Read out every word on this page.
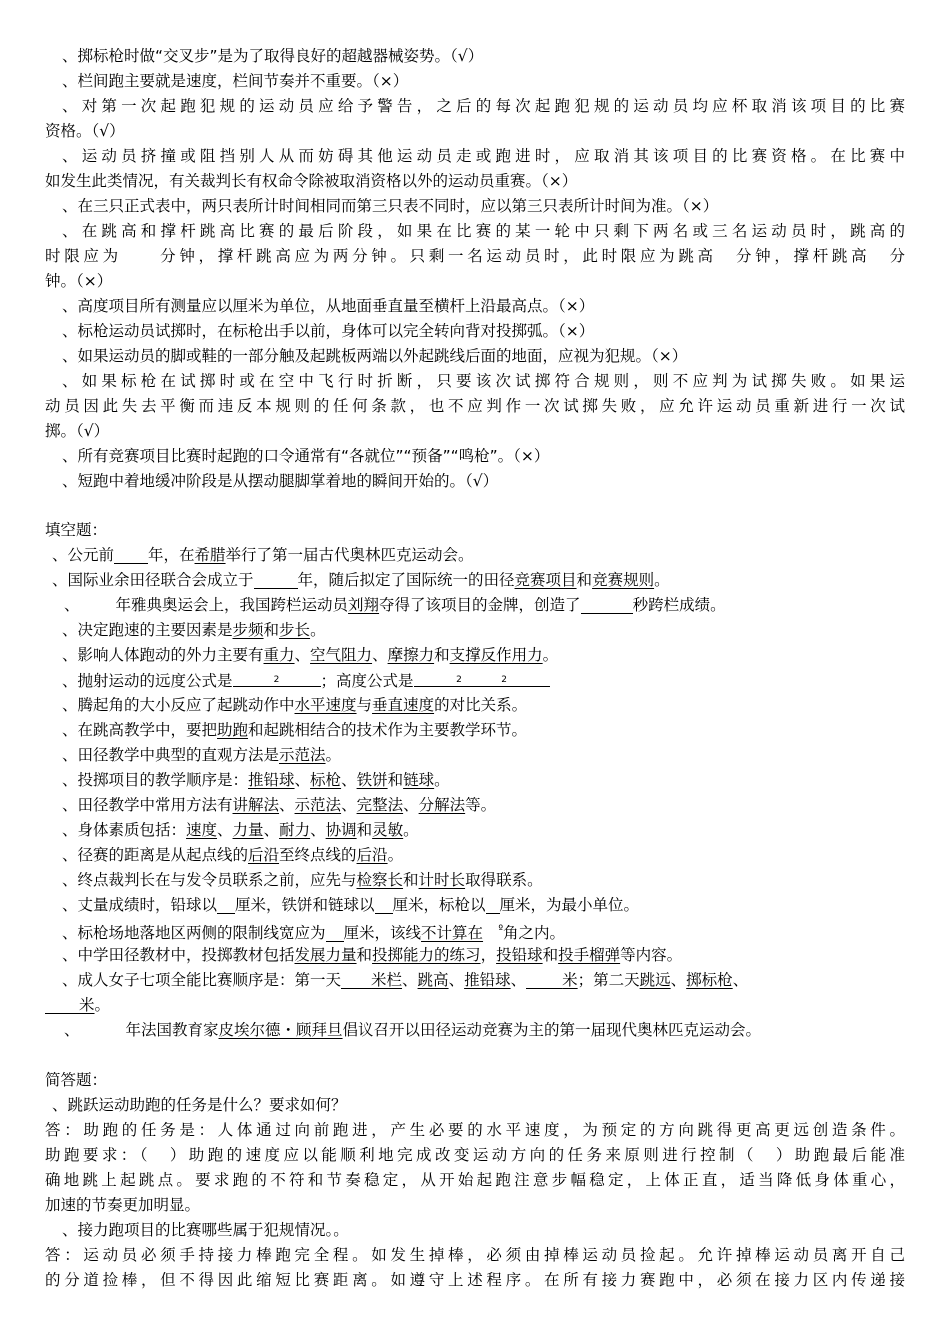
、掷标枪时做“交叉步”是为了取得良好的超越器械姿势。（√）
、栏间跑主要就是速度，栏间节奏并不重要。（×）
、对第一次起跑犯规的运动员应给予警告，之后的每次起跑犯规的运动员均应杯取消该项目的比赛
资格。（√）
、运动员挤撞或阻挡别人从而妨碍其他运动员走或跑进时，应取消其该项目的比赛资格。在比赛中
如发生此类情况，有关裁判长有权命令除被取消资格以外的运动员重赛。（×）
、在三只正式表中，两只表所计时间相同而第三只表不同时，应以第三只表所计时间为准。（×）
、在跳高和撑杆跳高比赛的最后阶段，如果在比赛的某一轮中只剩下两名或三名运动员时，跳高的
时限应为　　分钟，撑杆跳高应为两分钟。只剩一名运动员时，此时限应为跳高　分钟，撑杆跳高　分
钟。（×）
、高度项目所有测量应以厘米为单位，从地面垂直量至横杆上沿最高点。（×）
、标枪运动员试掷时，在标枪出手以前，身体可以完全转向背对投掷弧。（×）
、如果运动员的脚或鞋的一部分触及起跳板两端以外起跳线后面的地面，应视为犯规。（×）
、如果标枪在试掷时或在空中飞行时折断，只要该次试掷符合规则，则不应判为试掷失败。如果运
动员因此失去平衡而违反本规则的任何条款，也不应判作一次试掷失败，应允许运动员重新进行一次试
掷。（√）
、所有竞赛项目比赛时起跑的口令通常有“各就位”“预备”“鸣枪”。（×）
、短跑中着地缓冲阶段是从摆动腿脚掌着地的瞬间开始的。（√）
填空题：
、公元前 年，在希腊举行了第一届古代奥林匹克运动会。
、国际业余田径联合会成立于	年，随后拟定了国际统一的田径竞赛项目和竞赛规则。
、 年雅典奥运会上，我国跨栏运动员刘翔夺得了该项目的金牌，创造了	秒跨栏成绩。
、决定跑速的主要因素是步频和步长。
、影响人体跑动的外力主要有重力、空气阻力、摩擦力和支撑反作用力。
、抛射运动的远度公式是	$^2$	；高度公式是	$^2$	$^2$
、腾起角的大小反应了起跳动作中水平速度与垂直速度的对比关系。
、在跳高教学中，要把助跑和起跳相结合的技术作为主要教学环节。
、田径教学中典型的直观方法是示范法。
、投掷项目的教学顺序是：推铅球、标枪、铁饼和链球。
、田径教学中常用方法有讲解法、示范法、完整法、分解法等。
、身体素质包括：速度、力量、耐力、协调和灵敏。
、径赛的距离是从起点线的后沿至终点线的后沿。
、终点裁判长在与发令员联系之前，应先与检察长和计时长取得联系。
、丈量成绩时，铅球以 厘米，铁饼和链球以 厘米，标枪以 厘米，为最小单位。
、标枪场地落地区两侧的限制线宽应为 厘米，该线不计算在 º角之内。
、中学田径教材中，投掷教材包括发展力量和投掷能力的练习，投铅球和投手榴弹等内容。
、成人女子七项全能比赛顺序是：第一天 米栏、跳高、推铅球、 米；第二天跳远、掷标枪、
米。
、	年法国教育家皮埃尔德・顾拜旦倡议召开以田径运动竞赛为主的第一届现代奥林匹克运动会。
简答题：
、跳跃运动助跑的任务是什么？要求如何？
答：助跑的任务是：人体通过向前跑进，产生必要的水平速度，为预定的方向跳得更高更远创造条件。
助跑要求：（　）助跑的速度应以能顺利地完成改变运动方向的任务来原则进行控制（　）助跑最后能准
确地跳上起跳点。要求跑的不符和节奏稳定，从开始起跑注意步幅稳定，上体正直，适当降低身体重心，
加速的节奏更加明显。
、接力跑项目的比赛哪些属于犯规情况。。
答：运动员必须手持接力棒跑完全程。如发生掉棒，必须由掉棒运动员捡起。允许掉棒运动员离开自己
的分道捡棒，但不得因此缩短比赛距离。如遵守上述程序。在所有接力赛跑中，必须在接力区内传递接
